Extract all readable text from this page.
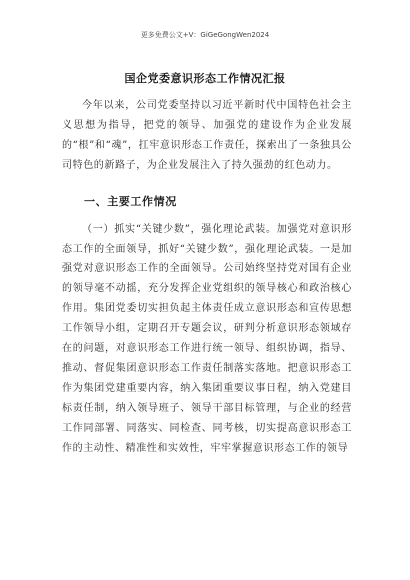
更多免费公文+V：GiGeGongWen2024
国企党委意识形态工作情况汇报

今年以来，公司党委坚持以习近平新时代中国特色社会主义思想为指导，把党的领导、加强党的建设作为企业发展的“根”和“魂”，扛牢意识形态工作责任，探索出了一条独具公司特色的新路子，为企业发展注入了持久强劲的红色动力。

一、主要工作情况

（一）抓实“关键少数”，强化理论武装。加强党对意识形态工作的全面领导，抓好“关键少数”，强化理论武装。一是加强党对意识形态工作的全面领导。公司始终坚持党对国有企业的领导毫不动摇，充分发挥企业党组织的领导核心和政治核心作用。集团党委切实担负起主体责任成立意识形态和宣传思想工作领导小组，定期召开专题会议，研判分析意识形态领域存在的问题，对意识形态工作进行统一领导、组织协调，指导、推动、督促集团意识形态工作责任制落实落地。把意识形态工作为集团党建重要内容，纳入集团重要议事日程，纳入党建目标责任制，纳入领导班子、领导干部目标管理，与企业的经营工作同部署、同落实、同检查、同考核，切实提高意识形态工作的主动性、精准性和实效性，牢牢掌握意识形态工作的领导
